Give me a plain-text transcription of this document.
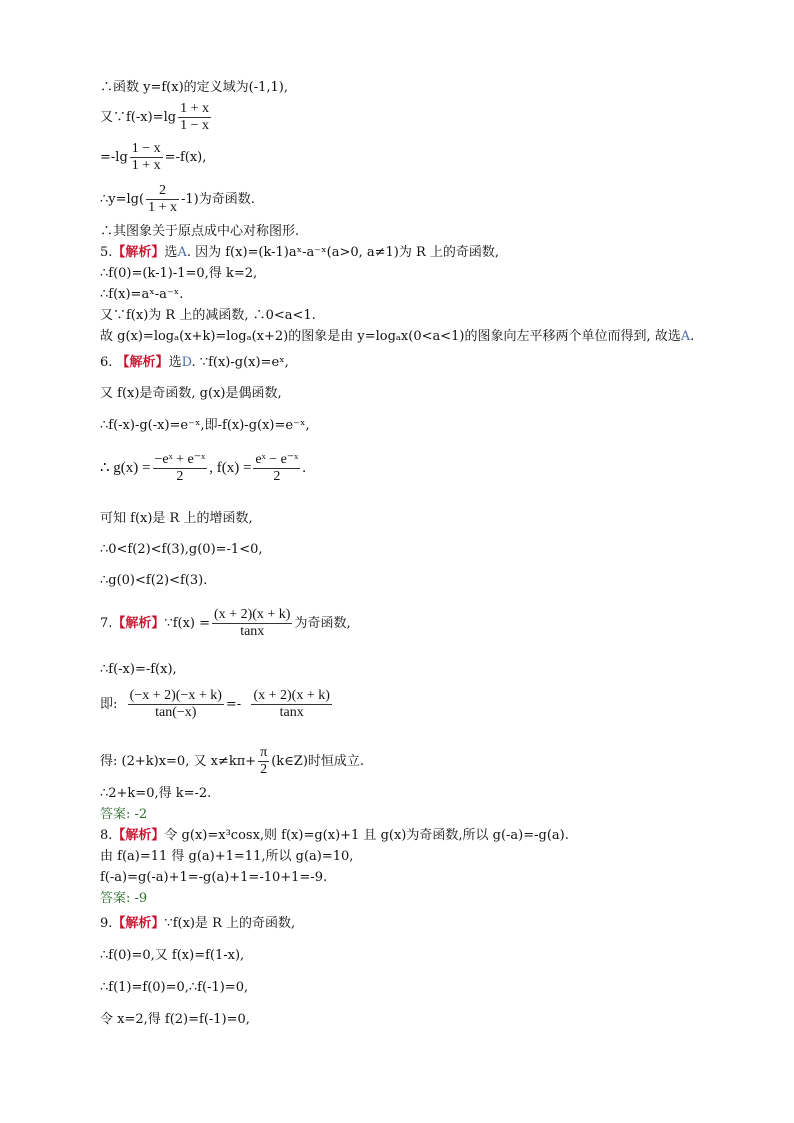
∴函数 y=f(x)的定义域为(-1,1),
又∵f(-x)=lg $\frac{1 + x}{1 - x}$
$=-\lg \frac{1 - x}{1 + x} =-f(x)$,
∴y=lg( $\frac{2}{1 + x} -1$)为奇函数.
∴其图象关于原点成中心对称图形.
5.【解析】选A. 因为 f(x)=(k-1)aˣ-a⁻ˣ(a>0, a≠1)为 R 上的奇函数,
∴f(0)=(k-1)-1=0,得 k=2,
∴f(x)=aˣ-a⁻ˣ.
又∵f(x)为 R 上的减函数, ∴0<a<1.
故 g(x)=logₐ(x+k)=logₐ(x+2)的图象是由 y=logₐx(0<a<1)的图象向左平移两个单位而得到, 故选A.
6. 【解析】选D. ∵f(x)-g(x)=eˣ,
又 f(x)是奇函数, g(x)是偶函数,
∴f(-x)-g(-x)=e⁻ˣ,即-f(x)-g(x)=e⁻ˣ,
∴ $g(x) = \frac{\text{−eˣ + e⁻ˣ}}{2}$ , $f(x) = \frac{\text{eˣ − e⁻ˣ}}{2}$ .
可知 f(x)是 R 上的增函数,
∴0<f(2)<f(3),g(0)=-1<0,
∴g(0)<f(2)<f(3).
7.【解析】∵f(x) = $\frac{(x + 2)(x + k)}{\tan x}$ 为奇函数,
∴f(-x)=-f(x),
即: $\frac{(-x + 2)(-x + k)}{\tan(-x)} =- \frac{(x + 2)(x + k)}{\tan x}$
得: (2+k)x=0, 又 $x\ne k\pi+ \frac{\pi}{2}$ (k∈Z)时恒成立.
∴2+k=0,得 k=-2.
答案: -2
8.【解析】令 g(x)=x³cosx,则 f(x)=g(x)+1 且 g(x)为奇函数,所以 g(-a)=-g(a).
由 f(a)=11 得 g(a)+1=11,所以 g(a)=10,
f(-a)=g(-a)+1=-g(a)+1=-10+1=-9.
答案: -9
9.【解析】∵f(x)是 R 上的奇函数,
∴f(0)=0,又 f(x)=f(1-x),
∴f(1)=f(0)=0,∴f(-1)=0,
令 x=2,得 f(2)=f(-1)=0,
